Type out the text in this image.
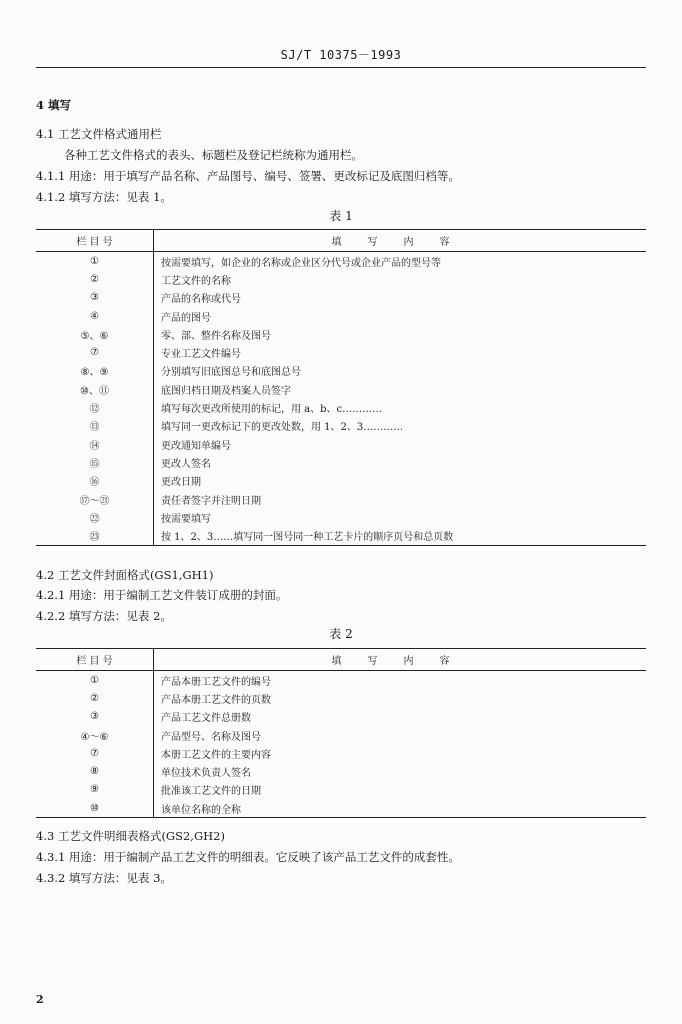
SJ/T 10375－1993
4 填写
4.1 工艺文件格式通用栏
各种工艺文件格式的表头、标题栏及登记栏统称为通用栏。
4.1.1 用途：用于填写产品名称、产品图号、编号、签署、更改标记及底图归档等。
4.1.2 填写方法：见表 1。
表 1
栏 目 号	填写内容
①	按需要填写，如企业的名称或企业区分代号或企业产品的型号等
②	工艺文件的名称
③	产品的名称或代号
④	产品的图号
⑤、⑥	零、部、整件名称及图号
⑦	专业工艺文件编号
⑧、⑨	分别填写旧底图总号和底图总号
⑩、⑪	底图归档日期及档案人员签字
⑫	填写每次更改所使用的标记，用 a、b、c…………
⑬	填写同一更改标记下的更改处数，用 1、2、3…………
⑭	更改通知单编号
⑮	更改人签名
⑯	更改日期
⑰～㉑	责任者签字并注明日期
㉒	按需要填写
㉓	按 1、2、3……填写同一图号同一种工艺卡片的顺序页号和总页数
4.2 工艺文件封面格式(GS1,GH1)
4.2.1 用途：用于编制工艺文件装订成册的封面。
4.2.2 填写方法：见表 2。
表 2
栏 目 号	填写内容
①	产品本册工艺文件的编号
②	产品本册工艺文件的页数
③	产品工艺文件总册数
④～⑥	产品型号、名称及图号
⑦	本册工艺文件的主要内容
⑧	单位技术负责人签名
⑨	批准该工艺文件的日期
⑩	该单位名称的全称
4.3 工艺文件明细表格式(GS2,GH2)
4.3.1 用途：用于编制产品工艺文件的明细表。它反映了该产品工艺文件的成套性。
4.3.2 填写方法：见表 3。
2
